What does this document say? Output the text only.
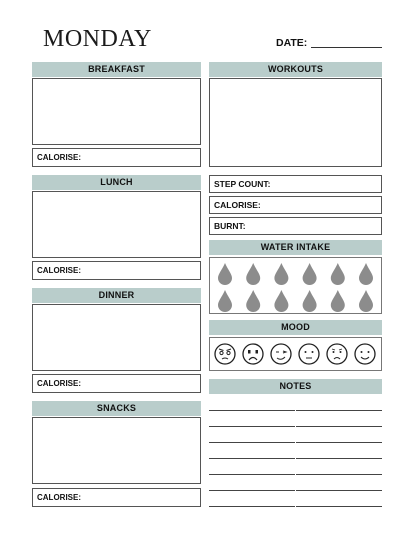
MONDAY	DATE:
BREAKFAST
CALORISE:
LUNCH
CALORISE:
DINNER
CALORISE:
SNACKS
CALORISE:
WORKOUTS
STEP COUNT:
CALORISE:
BURNT:
WATER INTAKE
MOOD
NOTES
